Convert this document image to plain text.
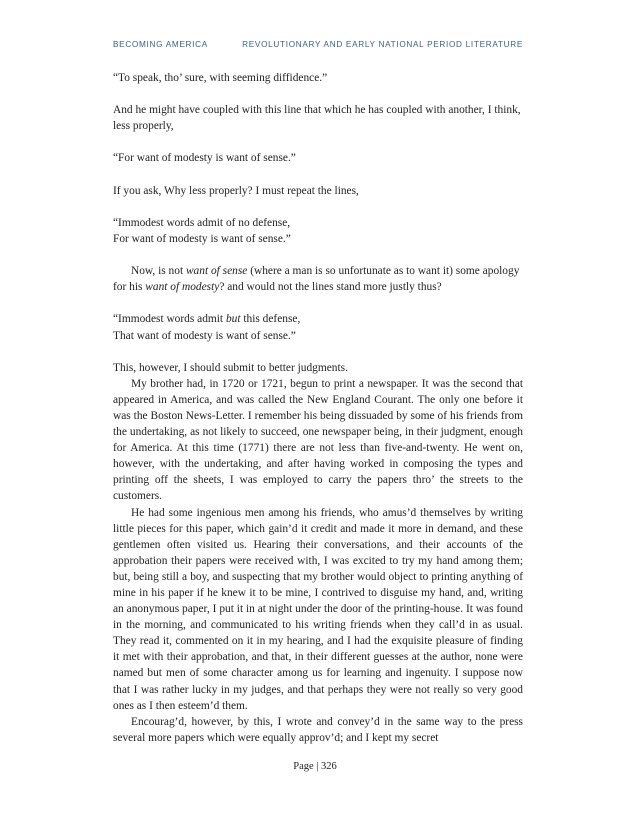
BECOMING AMERICA	REVOLUTIONARY AND EARLY NATIONAL PERIOD LITERATURE

“To speak, tho’ sure, with seeming diffidence.”

And he might have coupled with this line that which he has coupled with another, I think, less properly,

“For want of modesty is want of sense.”

If you ask, Why less properly? I must repeat the lines,

“Immodest words admit of no defense,

For want of modesty is want of sense.”

Now, is not want of sense (where a man is so unfortunate as to want it) some apology for his want of modesty? and would not the lines stand more justly thus?

“Immodest words admit but this defense,

That want of modesty is want of sense.”

This, however, I should submit to better judgments.

My brother had, in 1720 or 1721, begun to print a newspaper. It was the second that appeared in America, and was called the New England Courant. The only one before it was the Boston News-Letter. I remember his being dissuaded by some of his friends from the undertaking, as not likely to succeed, one newspaper being, in their judgment, enough for America. At this time (1771) there are not less than five-and-twenty. He went on, however, with the undertaking, and after having worked in composing the types and printing off the sheets, I was employed to carry the papers thro’ the streets to the customers.

He had some ingenious men among his friends, who amus’d themselves by writing little pieces for this paper, which gain’d it credit and made it more in demand, and these gentlemen often visited us. Hearing their conversations, and their accounts of the approbation their papers were received with, I was excited to try my hand among them; but, being still a boy, and suspecting that my brother would object to printing anything of mine in his paper if he knew it to be mine, I contrived to disguise my hand, and, writing an anonymous paper, I put it in at night under the door of the printing-house. It was found in the morning, and communicated to his writing friends when they call’d in as usual. They read it, commented on it in my hearing, and I had the exquisite pleasure of finding it met with their approbation, and that, in their different guesses at the author, none were named but men of some character among us for learning and ingenuity. I suppose now that I was rather lucky in my judges, and that perhaps they were not really so very good ones as I then esteem’d them.

Encourag’d, however, by this, I wrote and convey’d in the same way to the press several more papers which were equally approv’d; and I kept my secret

Page | 326
